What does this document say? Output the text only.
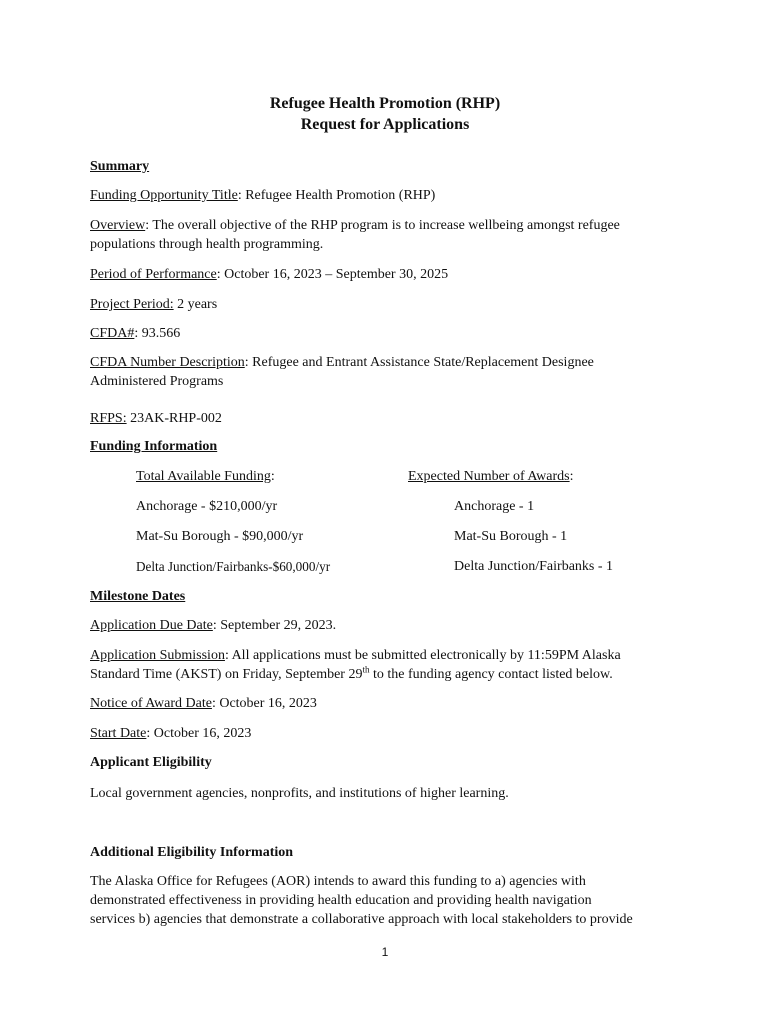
Refugee Health Promotion (RHP)
Request for Applications
Summary
Funding Opportunity Title: Refugee Health Promotion (RHP)
Overview: The overall objective of the RHP program is to increase wellbeing amongst refugee
populations through health programming.
Period of Performance: October 16, 2023 – September 30, 2025
Project Period: 2 years
CFDA#: 93.566
CFDA Number Description: Refugee and Entrant Assistance State/Replacement Designee
Administered Programs
RFPS: 23AK-RHP-002
Funding Information
Total Available Funding:	Expected Number of Awards:
Anchorage - $210,000/yr	Anchorage - 1
Mat-Su Borough - $90,000/yr	Mat-Su Borough - 1
Delta Junction/Fairbanks-$60,000/yr	Delta Junction/Fairbanks - 1
Milestone Dates
Application Due Date: September 29, 2023.
Application Submission: All applications must be submitted electronically by 11:59PM Alaska
Standard Time (AKST) on Friday, September 29th to the funding agency contact listed below.
Notice of Award Date: October 16, 2023
Start Date: October 16, 2023
Applicant Eligibility
Local government agencies, nonprofits, and institutions of higher learning.
Additional Eligibility Information
The Alaska Office for Refugees (AOR) intends to award this funding to a) agencies with
demonstrated effectiveness in providing health education and providing health navigation
services b) agencies that demonstrate a collaborative approach with local stakeholders to provide
1
